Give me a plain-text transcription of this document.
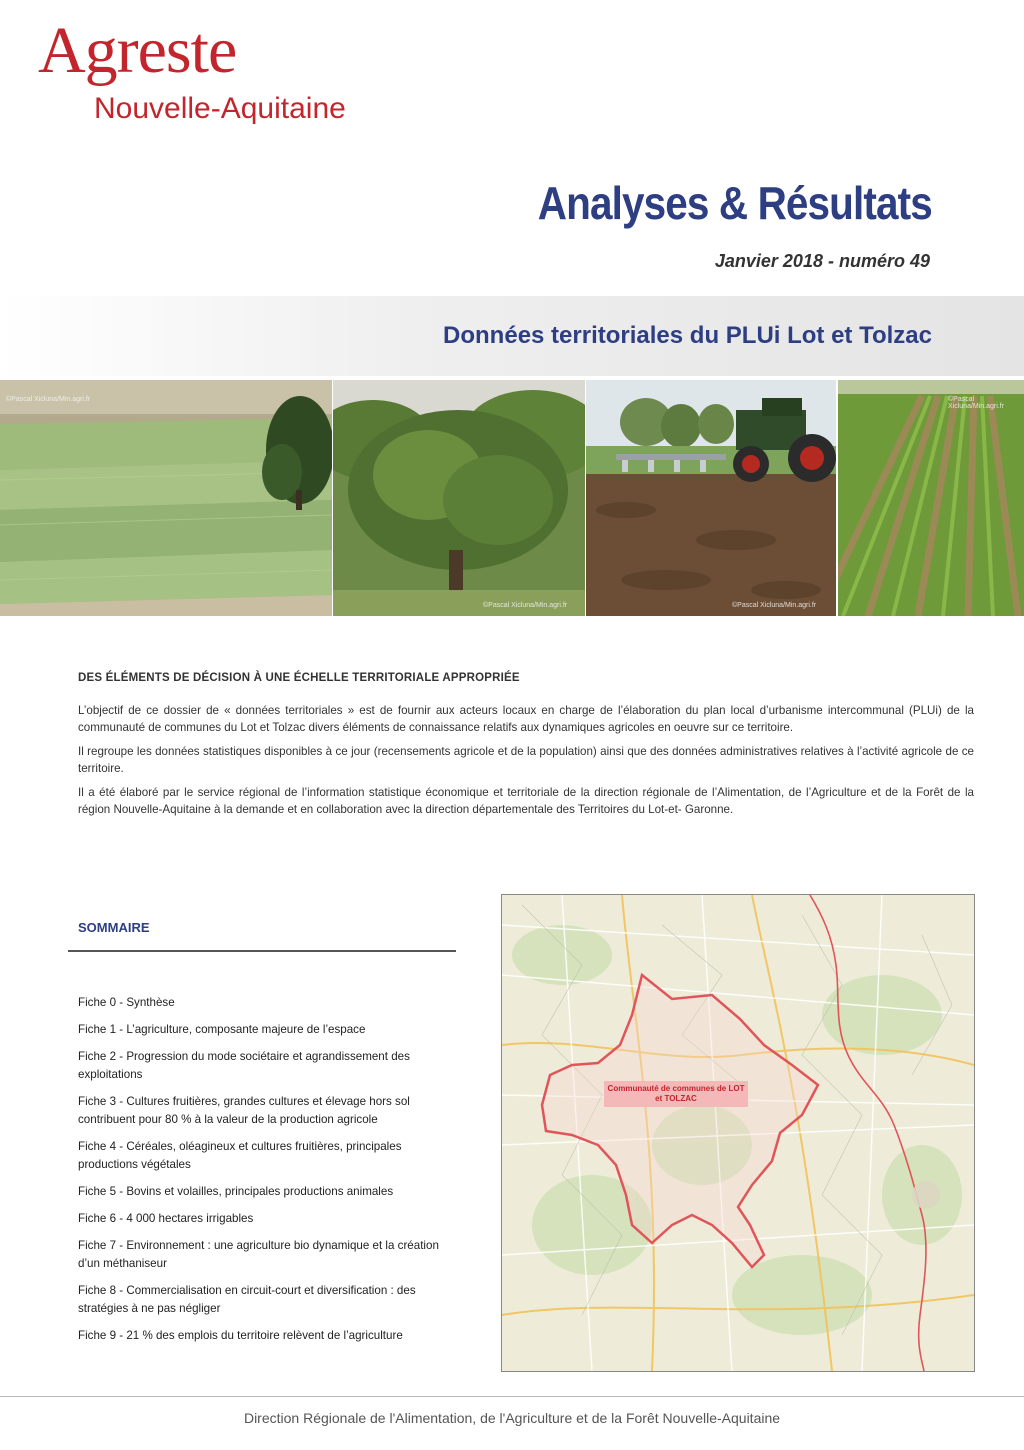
Agreste
Nouvelle-Aquitaine
Analyses & Résultats
Janvier 2018 - numéro 49
Données territoriales du PLUi Lot et Tolzac
©Pascal Xicluna/Min.agri.fr
©Pascal Xicluna/Min.agri.fr	©Pascal Xicluna/Min.agri.fr
©Pascal Xicluna/Min.agri.fr
DES ÉLÉMENTS DE DÉCISION À UNE ÉCHELLE TERRITORIALE APPROPRIÉE

L’objectif de ce dossier de « données territoriales » est de fournir aux acteurs locaux en charge de l’élaboration du plan local d’urbanisme intercommunal (PLUi) de la communauté de communes du Lot et Tolzac divers éléments de connaissance relatifs aux dynamiques agricoles en oeuvre sur ce territoire.

Il regroupe les données statistiques disponibles à ce jour (recensements agricole et de la population) ainsi que des données administratives relatives à l’activité agricole de ce territoire.

Il a été élaboré par le service régional de l’information statistique économique et territoriale de la direction régionale de l’Alimentation, de l’Agriculture et de la Forêt de la région Nouvelle-Aquitaine à la demande et en collaboration avec la direction départementale des Territoires du Lot-et- Garonne.

SOMMAIRE
Fiche 0 - Synthèse
Fiche 1 - L’agriculture, composante majeure de l’espace
Fiche 2 - Progression du mode sociétaire et agrandissement des exploitations
Fiche 3 - Cultures fruitières, grandes cultures et élevage hors sol contribuent pour 80 % à la valeur de la production agricole
Fiche 4 - Céréales, oléagineux et cultures fruitières, principales productions végétales
Fiche 5 - Bovins et volailles, principales productions animales
Fiche 6 - 4 000 hectares irrigables
Fiche 7 - Environnement : une agriculture bio dynamique et la création d’un méthaniseur
Fiche 8 - Commercialisation en circuit-court et diversification : des stratégies à ne pas négliger
Fiche 9 - 21 % des emplois du territoire relèvent de l’agriculture
Communauté de communes de LOT et TOLZAC
Direction Régionale de l'Alimentation, de l'Agriculture et de la Forêt Nouvelle-Aquitaine
